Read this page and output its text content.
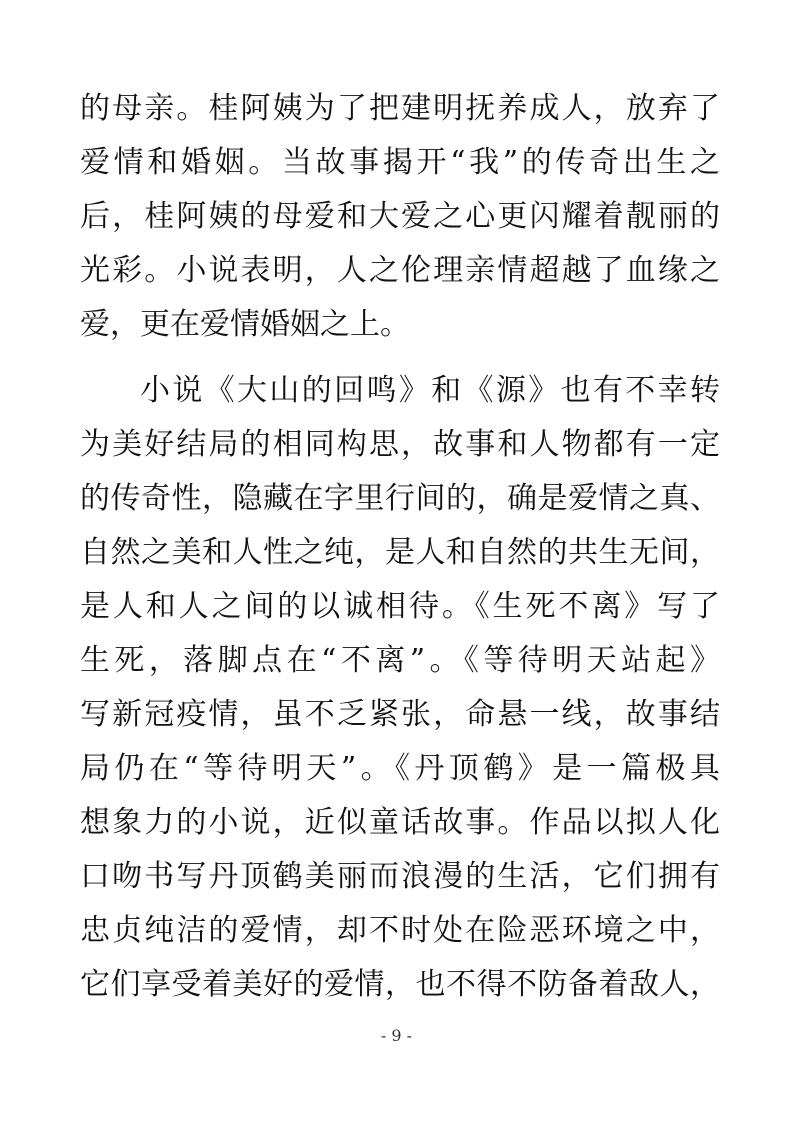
的母亲。桂阿姨为了把建明抚养成人，放弃了
爱情和婚姻。当故事揭开“我”的传奇出生之
后，桂阿姨的母爱和大爱之心更闪耀着靓丽的
光彩。小说表明，人之伦理亲情超越了血缘之
爱，更在爱情婚姻之上。
小说《大山的回鸣》和《源》也有不幸转
为美好结局的相同构思，故事和人物都有一定
的传奇性，隐藏在字里行间的，确是爱情之真、
自然之美和人性之纯，是人和自然的共生无间，
是人和人之间的以诚相待。《生死不离》写了
生死，落脚点在“不离”。《等待明天站起》
写新冠疫情，虽不乏紧张，命悬一线，故事结
局仍在“等待明天”。《丹顶鹤》是一篇极具
想象力的小说，近似童话故事。作品以拟人化
口吻书写丹顶鹤美丽而浪漫的生活，它们拥有
忠贞纯洁的爱情，却不时处在险恶环境之中，
它们享受着美好的爱情，也不得不防备着敌人，
- 9 -
